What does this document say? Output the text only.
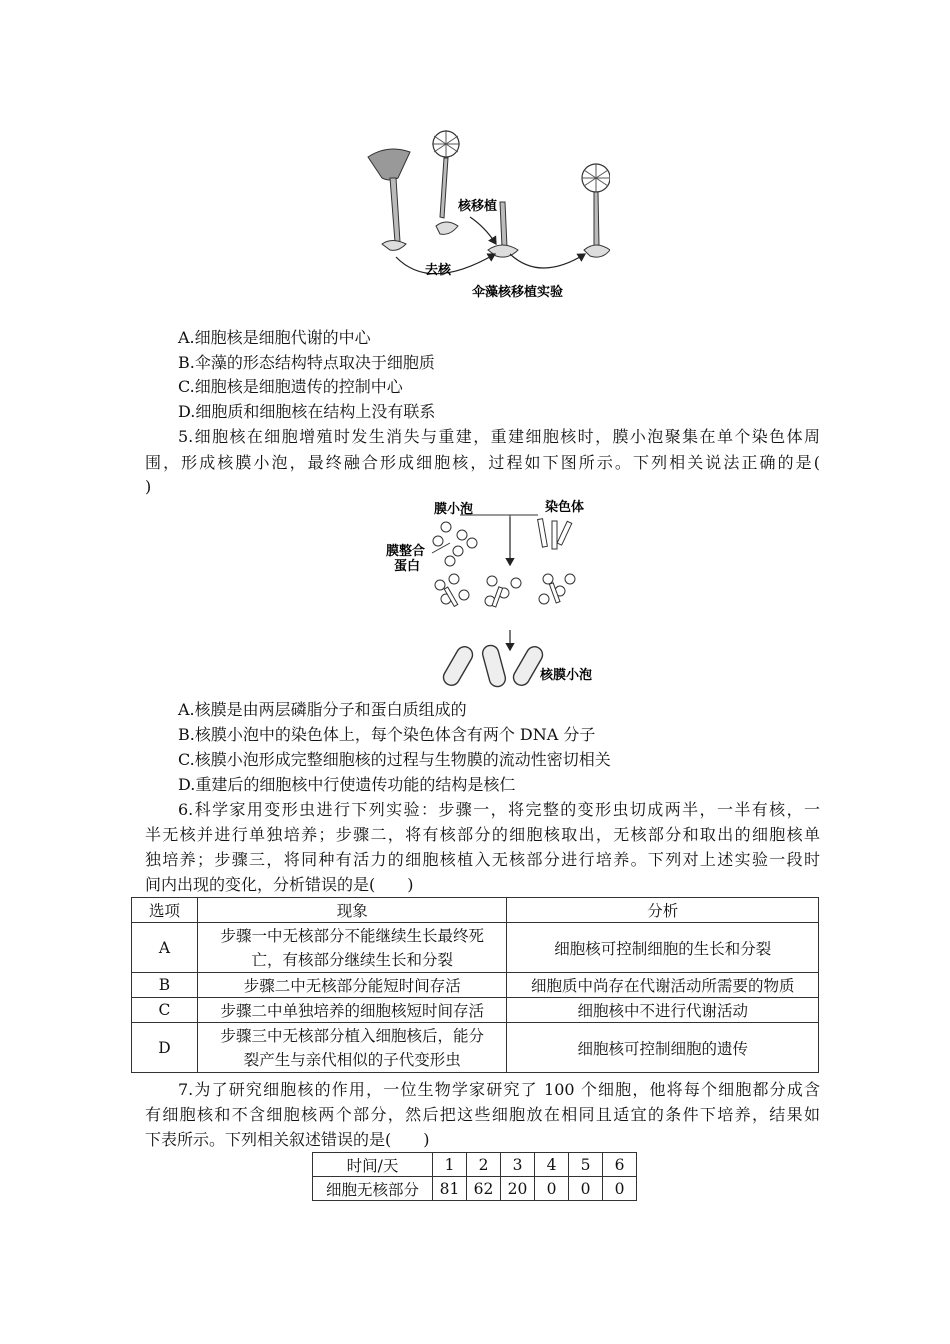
核移植
去核
伞藻核移植实验
A.细胞核是细胞代谢的中心
B.伞藻的形态结构特点取决于细胞质
C.细胞核是细胞遗传的控制中心
D.细胞质和细胞核在结构上没有联系
5.细胞核在细胞增殖时发生消失与重建，重建细胞核时，膜小泡聚集在单个染色体周
围，形成核膜小泡，最终融合形成细胞核，过程如下图所示。下列相关说法正确的是(
)
膜小泡	染色体
膜整合
蛋白
核膜小泡
A.核膜是由两层磷脂分子和蛋白质组成的
B.核膜小泡中的染色体上，每个染色体含有两个 DNA 分子
C.核膜小泡形成完整细胞核的过程与生物膜的流动性密切相关
D.重建后的细胞核中行使遗传功能的结构是核仁
6.科学家用变形虫进行下列实验：步骤一，将完整的变形虫切成两半，一半有核，一
半无核并进行单独培养；步骤二，将有核部分的细胞核取出，无核部分和取出的细胞核单
独培养；步骤三，将同种有活力的细胞核植入无核部分进行培养。下列对上述实验一段时
间内出现的变化，分析错误的是(　　)
选项	现象	分析
A	步骤一中无核部分不能继续生长最终死
亡，有核部分继续生长和分裂	细胞核可控制细胞的生长和分裂
B	步骤二中无核部分能短时间存活	细胞质中尚存在代谢活动所需要的物质
C	步骤二中单独培养的细胞核短时间存活	细胞核中不进行代谢活动
D	步骤三中无核部分植入细胞核后，能分
裂产生与亲代相似的子代变形虫	细胞核可控制细胞的遗传
7.为了研究细胞核的作用，一位生物学家研究了 100 个细胞，他将每个细胞都分成含
有细胞核和不含细胞核两个部分，然后把这些细胞放在相同且适宜的条件下培养，结果如
下表所示。下列相关叙述错误的是(　　)
时间/天	1	2	3	4	5	6
细胞无核部分	81	62	20	0	0	0
